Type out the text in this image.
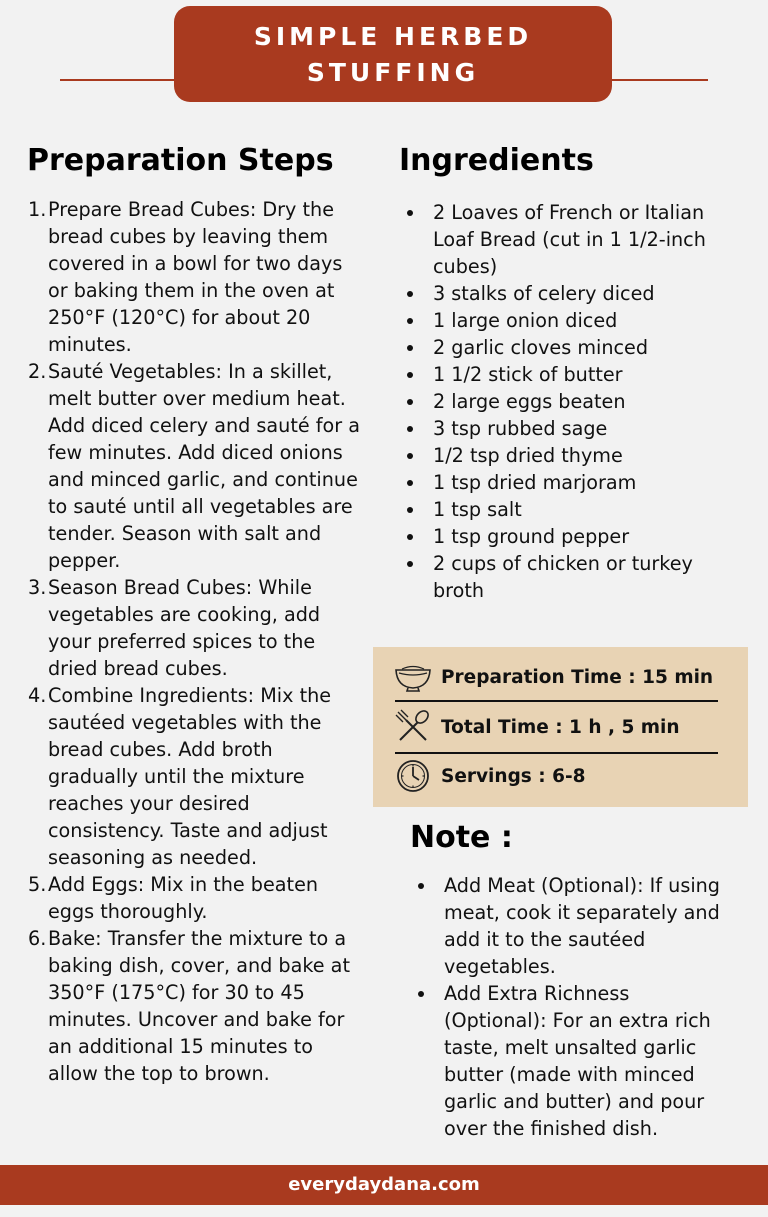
SIMPLE HERBED
STUFFING
Preparation Steps
1. Prepare Bread Cubes: Dry the bread cubes by leaving them covered in a bowl for two days or baking them in the oven at 250°F (120°C) for about 20 minutes.
2. Sauté Vegetables: In a skillet, melt butter over medium heat. Add diced celery and sauté for a few minutes. Add diced onions and minced garlic, and continue to sauté until all vegetables are tender. Season with salt and pepper.
3. Season Bread Cubes: While vegetables are cooking, add your preferred spices to the dried bread cubes.
4. Combine Ingredients: Mix the sautéed vegetables with the bread cubes. Add broth gradually until the mixture reaches your desired consistency. Taste and adjust seasoning as needed.
5. Add Eggs: Mix in the beaten eggs thoroughly.
6. Bake: Transfer the mixture to a baking dish, cover, and bake at 350°F (175°C) for 30 to 45 minutes. Uncover and bake for an additional 15 minutes to allow the top to brown.
Ingredients
2 Loaves of French or Italian Loaf Bread (cut in 1 1/2-inch cubes)
3 stalks of celery diced
1 large onion diced
2 garlic cloves minced
1 1/2 stick of butter
2 large eggs beaten
3 tsp rubbed sage
1/2 tsp dried thyme
1 tsp dried marjoram
1 tsp salt
1 tsp ground pepper
2 cups of chicken or turkey broth
Preparation Time : 15 min
Total Time : 1 h , 5 min
Servings : 6-8
Note :
Add Meat (Optional): If using meat, cook it separately and add it to the sautéed vegetables.
Add Extra Richness (Optional): For an extra rich taste, melt unsalted garlic butter (made with minced garlic and butter) and pour over the finished dish.
everydaydana.com
